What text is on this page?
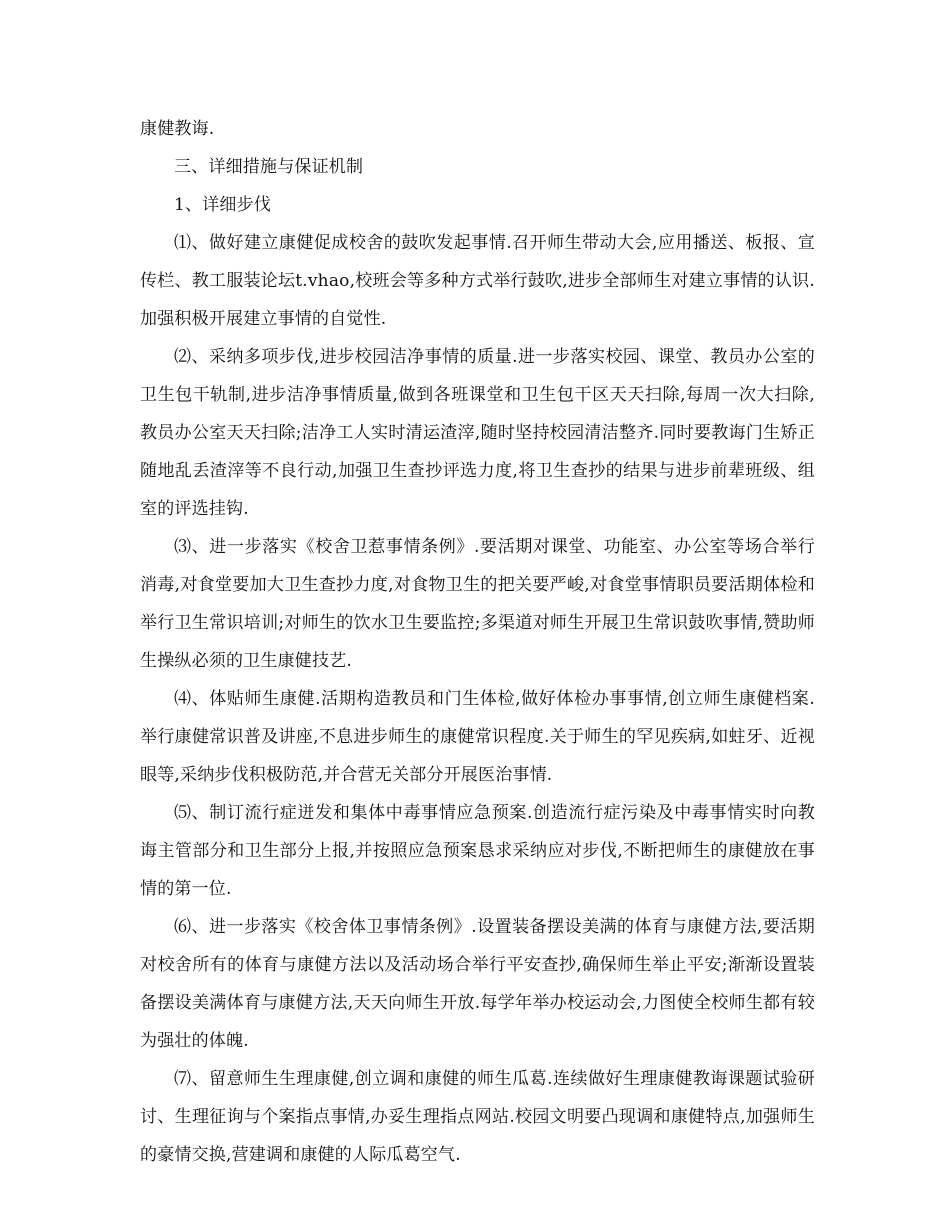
康健教诲.

三、详细措施与保证机制

1、详细步伐

⑴、做好建立康健促成校舍的鼓吹发起事情.召开师生带动大会,应用播送、板报、宣传栏、教工服装论坛t.vhao,校班会等多种方式举行鼓吹,进步全部师生对建立事情的认识.加强积极开展建立事情的自觉性.

⑵、采纳多项步伐,进步校园洁净事情的质量.进一步落实校园、课堂、教员办公室的卫生包干轨制,进步洁净事情质量,做到各班课堂和卫生包干区天天扫除,每周一次大扫除,教员办公室天天扫除;洁净工人实时清运渣滓,随时坚持校园清洁整齐.同时要教诲门生矫正随地乱丢渣滓等不良行动,加强卫生查抄评选力度,将卫生查抄的结果与进步前辈班级、组室的评选挂钩.

⑶、进一步落实《校舍卫惹事情条例》.要活期对课堂、功能室、办公室等场合举行消毒,对食堂要加大卫生查抄力度,对食物卫生的把关要严峻,对食堂事情职员要活期体检和举行卫生常识培训;对师生的饮水卫生要监控;多渠道对师生开展卫生常识鼓吹事情,赞助师生操纵必须的卫生康健技艺.

⑷、体贴师生康健.活期构造教员和门生体检,做好体检办事事情,创立师生康健档案.举行康健常识普及讲座,不息进步师生的康健常识程度.关于师生的罕见疾病,如蛀牙、近视眼等,采纳步伐积极防范,并合营无关部分开展医治事情.

⑸、制订流行症迸发和集体中毒事情应急预案.创造流行症污染及中毒事情实时向教诲主管部分和卫生部分上报,并按照应急预案恳求采纳应对步伐,不断把师生的康健放在事情的第一位.

⑹、进一步落实《校舍体卫事情条例》.设置装备摆设美满的体育与康健方法,要活期对校舍所有的体育与康健方法以及活动场合举行平安查抄,确保师生举止平安;渐渐设置装备摆设美满体育与康健方法,天天向师生开放.每学年举办校运动会,力图使全校师生都有较为强壮的体魄.

⑺、留意师生生理康健,创立调和康健的师生瓜葛.连续做好生理康健教诲课题试验研讨、生理征询与个案指点事情,办妥生理指点网站.校园文明要凸现调和康健特点,加强师生的豪情交换,营建调和康健的人际瓜葛空气.
